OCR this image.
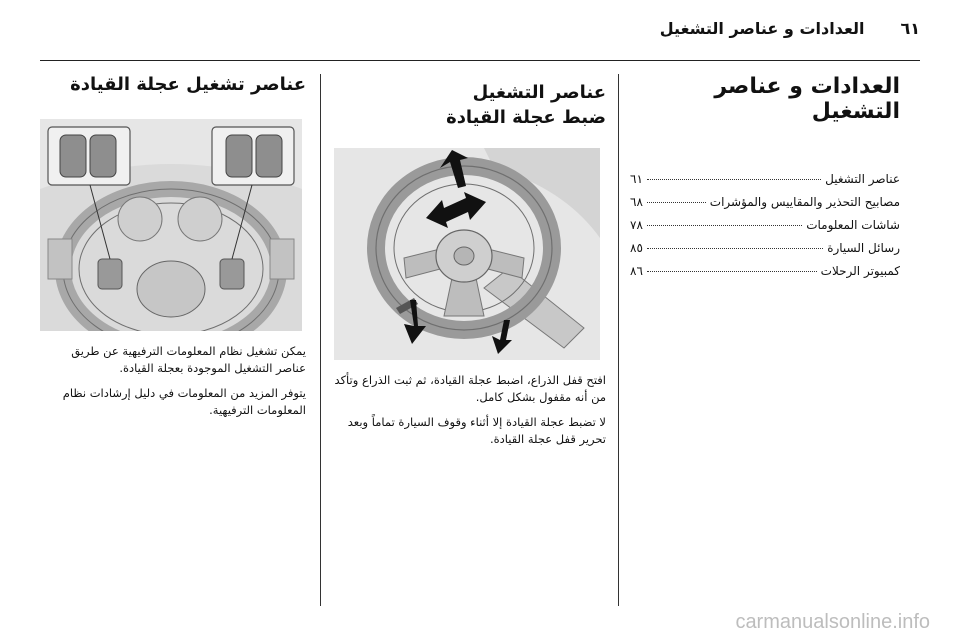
٦١
العدادات و عناصر التشغيل
العدادات و عناصر التشغيل
عناصر التشغيل
٦١
مصابيح التحذير والمقاييس والمؤشرات
٦٨
شاشات المعلومات
٧٨
رسائل السيارة
٨٥
كمبيوتر الرحلات
٨٦
عناصر التشغيل
ضبط عجلة القيادة

افتح قفل الذراع، اضبط عجلة القيادة، ثم ثبت الذراع وتأكد من أنه مقفول بشكل كامل.

لا تضبط عجلة القيادة إلا أثناء وقوف السيارة تماماً وبعد تحرير قفل عجلة القيادة.

عناصر تشغيل عجلة القيادة

يمكن تشغيل نظام المعلومات الترفيهية عن طريق عناصر التشغيل الموجودة بعجلة القيادة.

يتوفر المزيد من المعلومات في دليل إرشادات نظام المعلومات الترفيهية.

carmanualsonline.info
